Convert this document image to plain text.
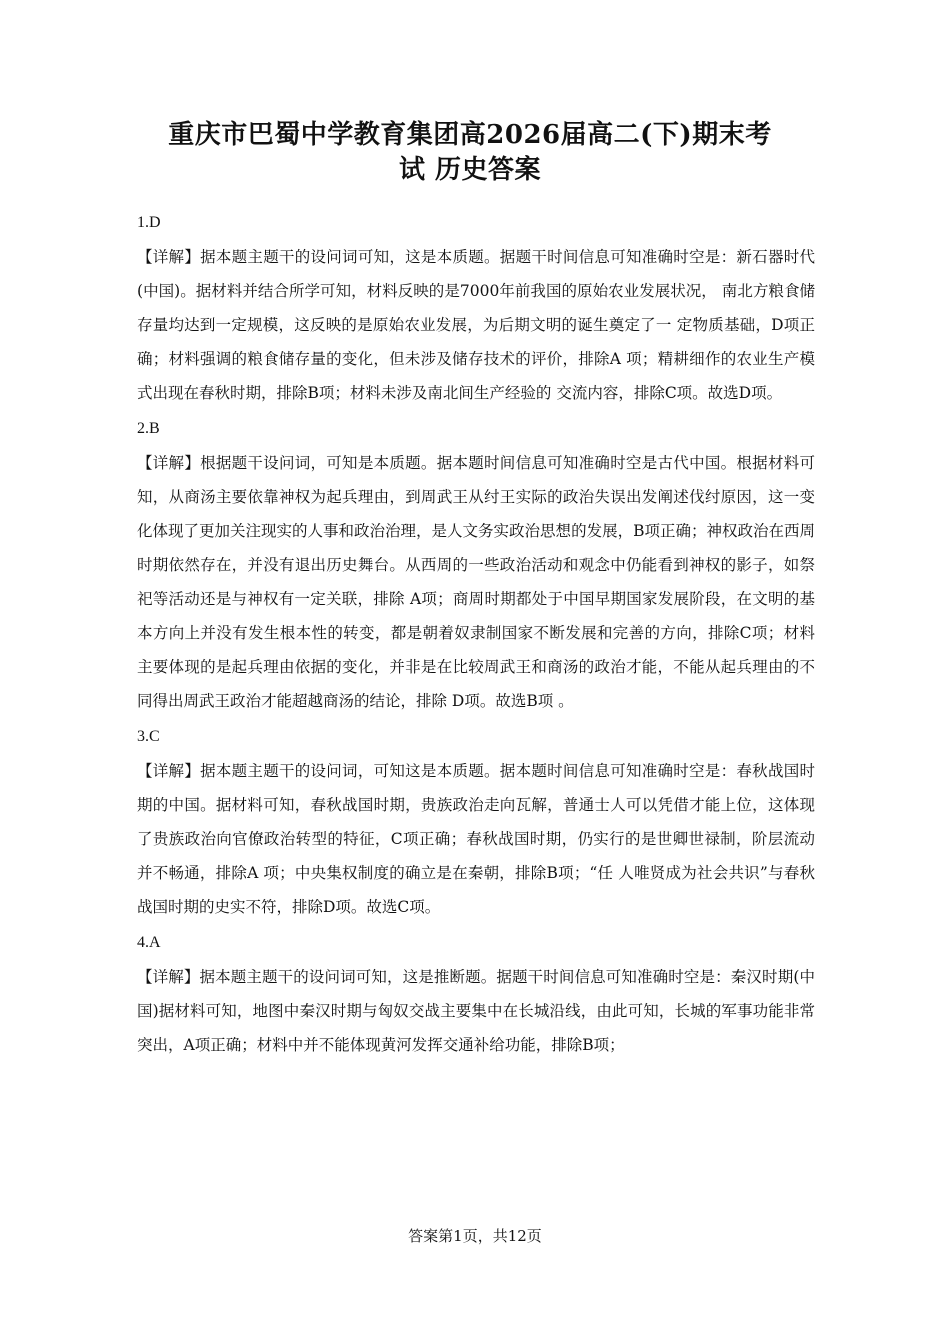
重庆市巴蜀中学教育集团高2026届高二(下)期末考
试 历史答案

1.D

【详解】据本题主题干的设问词可知，这是本质题。据题干时间信息可知准确时空是：新石器时代(中国)。据材料并结合所学可知，材料反映的是7000年前我国的原始农业发展状况， 南北方粮食储存量均达到一定规模，这反映的是原始农业发展，为后期文明的诞生奠定了一 定物质基础，D项正确；材料强调的粮食储存量的变化，但未涉及储存技术的评价，排除A 项；精耕细作的农业生产模式出现在春秋时期，排除B项；材料未涉及南北间生产经验的 交流内容，排除C项。故选D项。

2.B

【详解】根据题干设问词，可知是本质题。据本题时间信息可知准确时空是古代中国。根据材料可知，从商汤主要依靠神权为起兵理由，到周武王从纣王实际的政治失误出发阐述伐纣原因，这一变化体现了更加关注现实的人事和政治治理，是人文务实政治思想的发展，B项正确；神权政治在西周时期依然存在，并没有退出历史舞台。从西周的一些政治活动和观念中仍能看到神权的影子，如祭祀等活动还是与神权有一定关联，排除 A项；商周时期都处于中国早期国家发展阶段，在文明的基本方向上并没有发生根本性的转变，都是朝着奴隶制国家不断发展和完善的方向，排除C项；材料主要体现的是起兵理由依据的变化，并非是在比较周武王和商汤的政治才能，不能从起兵理由的不同得出周武王政治才能超越商汤的结论，排除 D项。故选B项 。

3.C

【详解】据本题主题干的设问词，可知这是本质题。据本题时间信息可知准确时空是：春秋战国时期的中国。据材料可知，春秋战国时期，贵族政治走向瓦解，普通士人可以凭借才能上位，这体现了贵族政治向官僚政治转型的特征，C项正确；春秋战国时期，仍实行的是世卿世禄制，阶层流动并不畅通，排除A 项；中央集权制度的确立是在秦朝，排除B项；“任 人唯贤成为社会共识”与春秋战国时期的史实不符，排除D项。故选C项。

4.A

【详解】据本题主题干的设问词可知，这是推断题。据题干时间信息可知准确时空是：秦汉时期(中国)据材料可知，地图中秦汉时期与匈奴交战主要集中在长城沿线，由此可知，长城的军事功能非常突出，A项正确；材料中并不能体现黄河发挥交通补给功能，排除B项；

答案第1页，共12页
